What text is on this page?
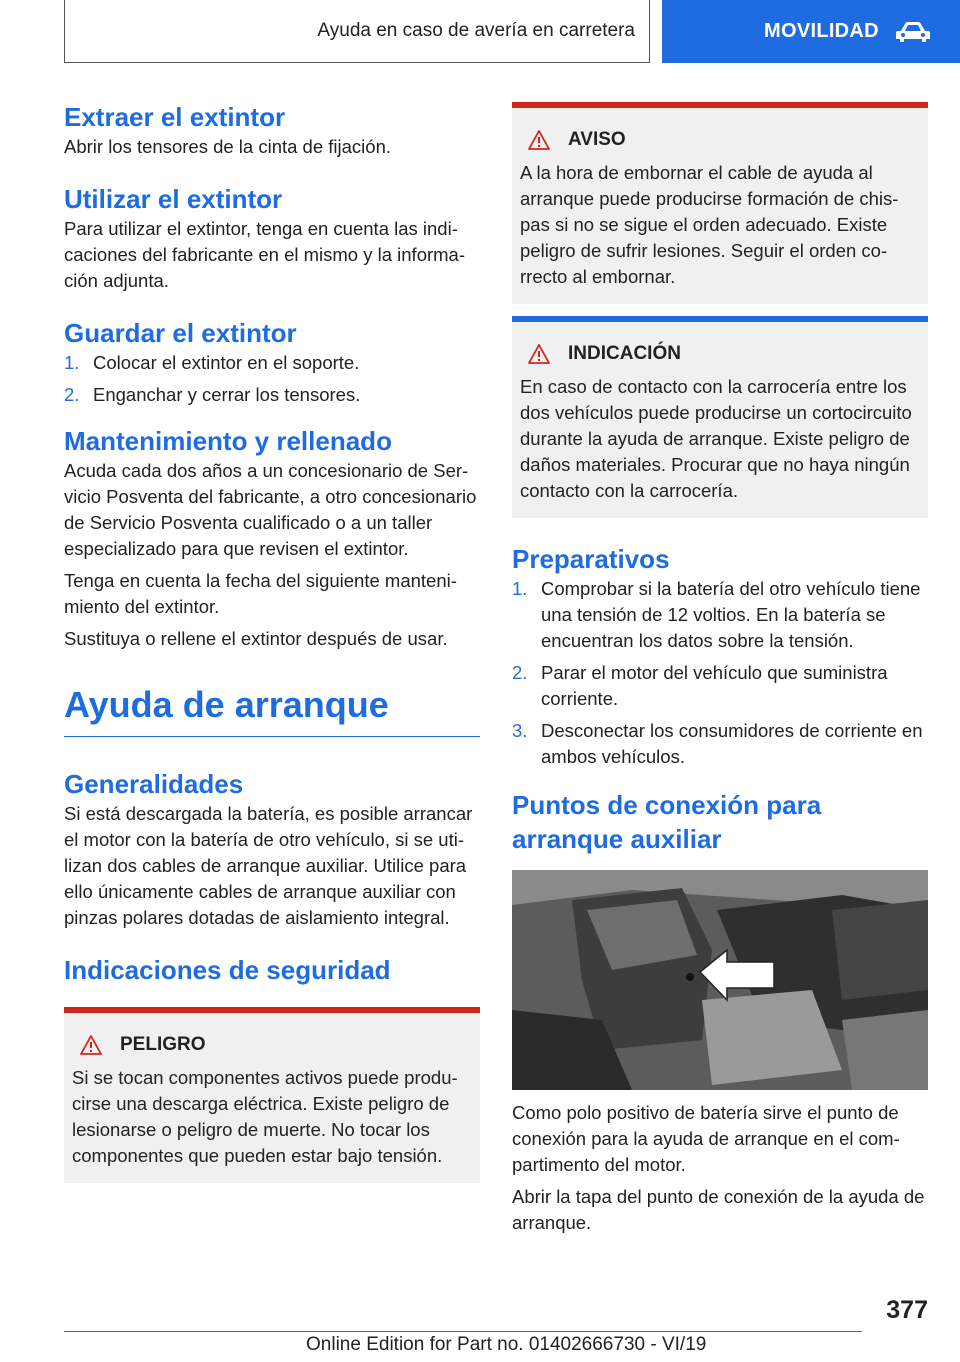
Ayuda en caso de avería en carretera	MOVILIDAD
Extraer el extintor

Abrir los tensores de la cinta de fijación.

Utilizar el extintor

Para utilizar el extintor, tenga en cuenta las indicaciones del fabricante en el mismo y la información adjunta.

Guardar el extintor
1. Colocar el extintor en el soporte.
2. Enganchar y cerrar los tensores.
Mantenimiento y rellenado

Acuda cada dos años a un concesionario de Servicio Posventa del fabricante, a otro concesionario de Servicio Posventa cualificado o a un taller especializado para que revisen el extintor.

Tenga en cuenta la fecha del siguiente mantenimiento del extintor.

Sustituya o rellene el extintor después de usar.

Ayuda de arranque
Generalidades

Si está descargada la batería, es posible arrancar el motor con la batería de otro vehículo, si se utilizan dos cables de arranque auxiliar. Utilice para ello únicamente cables de arranque auxiliar con pinzas polares dotadas de aislamiento integral.

Indicaciones de seguridad
PELIGRO

Si se tocan componentes activos puede producirse una descarga eléctrica. Existe peligro de lesionarse o peligro de muerte. No tocar los componentes que pueden estar bajo tensión.

AVISO

A la hora de embornar el cable de ayuda al arranque puede producirse formación de chispas si no se sigue el orden adecuado. Existe peligro de sufrir lesiones. Seguir el orden correcto al embornar.

INDICACIÓN

En caso de contacto con la carrocería entre los dos vehículos puede producirse un cortocircuito durante la ayuda de arranque. Existe peligro de daños materiales. Procurar que no haya ningún contacto con la carrocería.

Preparativos
1. Comprobar si la batería del otro vehículo tiene una tensión de 12 voltios. En la batería se encuentran los datos sobre la tensión.
2. Parar el motor del vehículo que suministra corriente.
3. Desconectar los consumidores de corriente en ambos vehículos.
Puntos de conexión para arranque auxiliar

Como polo positivo de batería sirve el punto de conexión para la ayuda de arranque en el compartimento del motor.

Abrir la tapa del punto de conexión de la ayuda de arranque.

377
Online Edition for Part no. 01402666730 - VI/19
